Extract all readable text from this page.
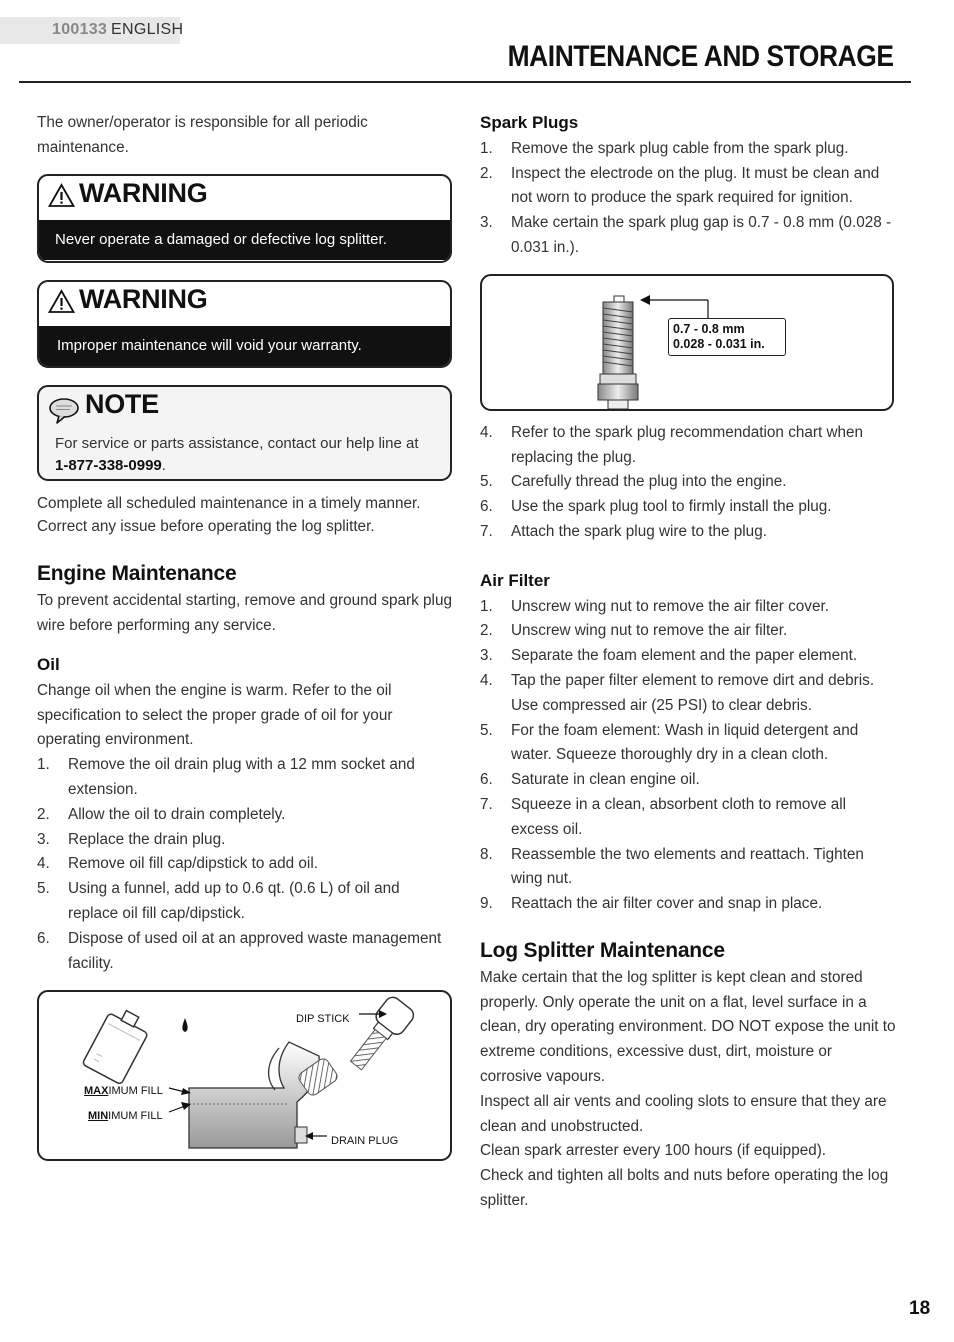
100133 ENGLISH
MAINTENANCE AND STORAGE

The owner/operator is responsible for all periodic maintenance.

WARNING
Never operate a damaged or defective log splitter.
WARNING
Improper maintenance will void your warranty.
NOTE
For service or parts assistance, contact our help line at 1-877-338-0999.

Complete all scheduled maintenance in a timely manner. Correct any issue before operating the log splitter.

Engine Maintenance

To prevent accidental starting, remove and ground spark plug wire before performing any service.

Oil

Change oil when the engine is warm. Refer to the oil specification to select the proper grade of oil for your operating environment.

1. Remove the oil drain plug with a 12 mm socket and extension.
2. Allow the oil to drain completely.
3. Replace the drain plug.
4. Remove oil fill cap/dipstick to add oil.
5. Using a funnel, add up to 0.6 qt. (0.6 L) of oil and replace oil fill cap/dipstick.
6. Dispose of used oil at an approved waste management facility.
DIP STICK
MAXIMUM FILL
MINIMUM FILL
DRAIN PLUG

Spark Plugs

1. Remove the spark plug cable from the spark plug.
2. Inspect the electrode on the plug. It must be clean and not worn to produce the spark required for ignition.
3. Make certain the spark plug gap is 0.7 - 0.8 mm (0.028 - 0.031 in.).
0.7 - 0.8 mm
0.028 - 0.031 in.
4. Refer to the spark plug recommendation chart when replacing the plug.
5. Carefully thread the plug into the engine.
6. Use the spark plug tool to firmly install the plug.
7. Attach the spark plug wire to the plug.

Air Filter

1. Unscrew wing nut to remove the air filter cover.
2. Unscrew wing nut to remove the air filter.
3. Separate the foam element and the paper element.
4. Tap the paper filter element to remove dirt and debris. Use compressed air (25 PSI) to clear debris.
5. For the foam element: Wash in liquid detergent and water. Squeeze thoroughly dry in a clean cloth.
6. Saturate in clean engine oil.
7. Squeeze in a clean, absorbent cloth to remove all excess oil.
8. Reassemble the two elements and reattach. Tighten wing nut.
9. Reattach the air filter cover and snap in place.

Log Splitter Maintenance

Make certain that the log splitter is kept clean and stored properly. Only operate the unit on a flat, level surface in a clean, dry operating environment. DO NOT expose the unit to extreme conditions, excessive dust, dirt, moisture or corrosive vapours.

Inspect all air vents and cooling slots to ensure that they are clean and unobstructed.

Clean spark arrester every 100 hours (if equipped).

Check and tighten all bolts and nuts before operating the log splitter.

18
